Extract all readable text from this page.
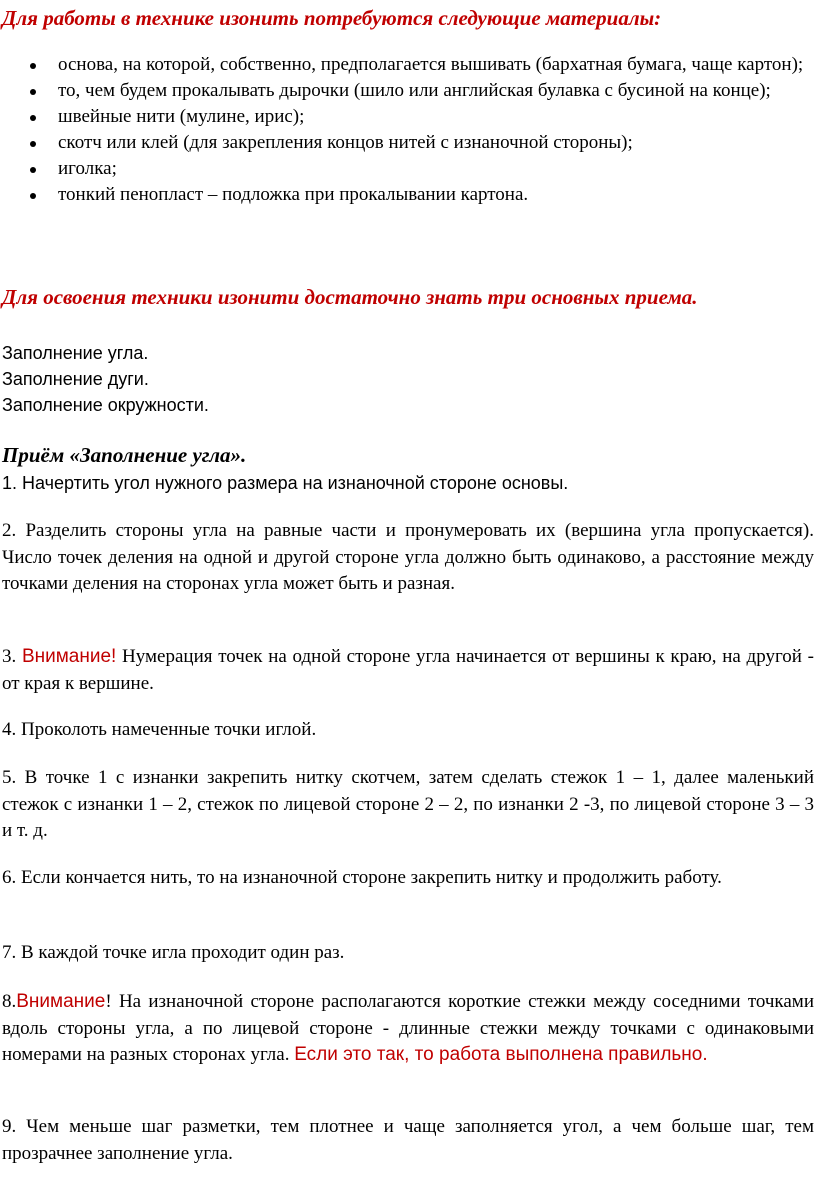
Для работы в технике изонить потребуются следующие материалы:
основа, на которой, собственно, предполагается вышивать (бархатная бумага, чаще картон);
то, чем будем прокалывать дырочки (шило или английская булавка с бусиной на конце);
швейные нити (мулине, ирис);
скотч или клей (для закрепления концов нитей с изнаночной стороны);
иголка;
тонкий пенопласт – подложка при прокалывании картона.
Для освоения техники изонити достаточно знать три основных приема.

Заполнение угла.

Заполнение дуги.

Заполнение окружности.

Приём «Заполнение угла».

1. Начертить угол нужного размера на изнаночной стороне основы.

2. Разделить стороны угла на равные части и пронумеровать их (вершина угла пропускается). Число точек деления на одной и другой стороне угла должно быть одинаково, а расстояние между точками деления на сторонах угла может быть и разная.

3. Внимание! Нумерация точек на одной стороне угла начинается от вершины к краю, на другой - от края к вершине.

4. Проколоть намеченные точки иглой.

5. В точке 1 с изнанки закрепить нитку скотчем, затем сделать стежок 1 – 1, далее маленький стежок с изнанки 1 – 2, стежок по лицевой стороне 2 – 2, по изнанки 2 -3, по лицевой стороне 3 – 3 и т. д.

6. Если кончается нить, то на изнаночной стороне закрепить нитку и продолжить работу.

7. В каждой точке игла проходит один раз.

8.Внимание! На изнаночной стороне располагаются короткие стежки между соседними точками вдоль стороны угла, а по лицевой стороне - длинные стежки между точками с одинаковыми номерами на разных сторонах угла. Если это так, то работа выполнена правильно.

9. Чем меньше шаг разметки, тем плотнее и чаще заполняется угол, а чем больше шаг, тем прозрачнее заполнение угла.
